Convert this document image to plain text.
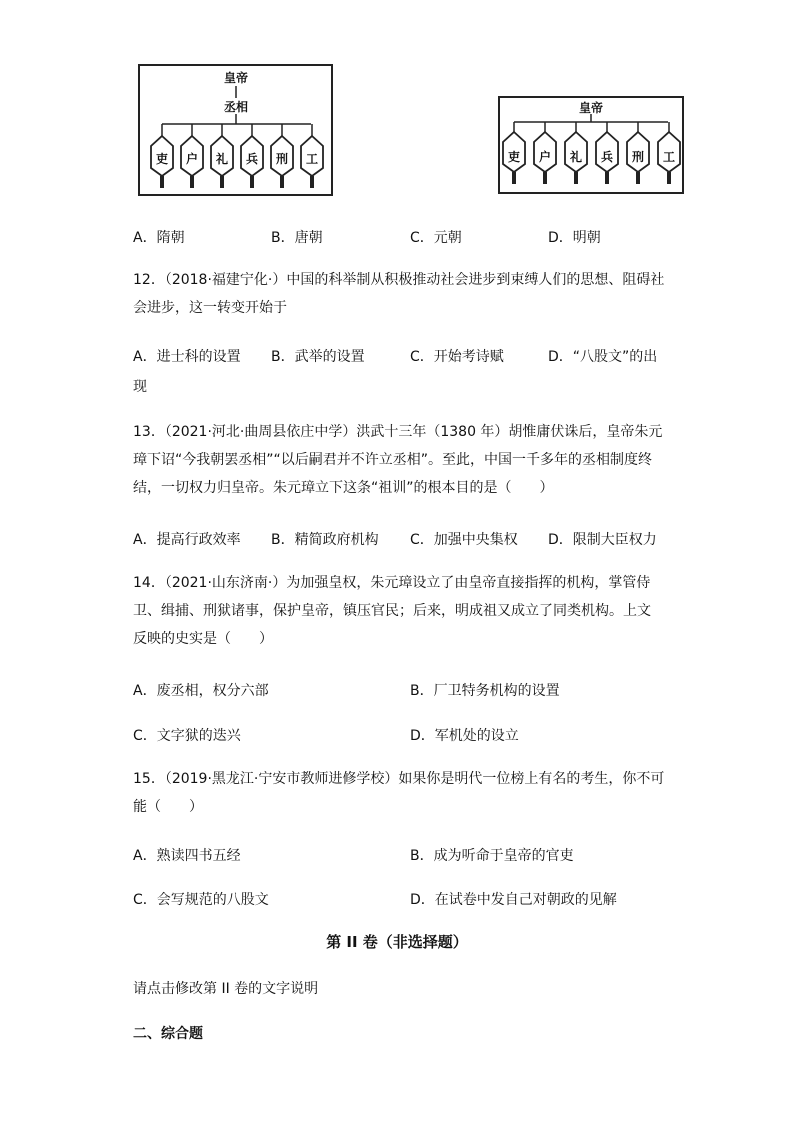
皇帝
丞相
吏 户 礼 兵 刑 工
皇帝
吏 户 礼 兵 刑 工
A．隋朝	B．唐朝	C．元朝	D．明朝
12．（2018·福建宁化·）中国的科举制从积极推动社会进步到束缚人们的思想、阻碍社
会进步，这一转变开始于
A．进士科的设置 B．武举的设置	C．开始考诗赋	D．“八股文”的出
现
13．（2021·河北·曲周县依庄中学）洪武十三年（1380 年）胡惟庸伏诛后，皇帝朱元
璋下诏“今我朝罢丞相”“以后嗣君并不许立丞相”。至此，中国一千多年的丞相制度终
结，一切权力归皇帝。朱元璋立下这条“祖训”的根本目的是（　　）
A．提高行政效率 B．精简政府机构 C．加强中央集权 D．限制大臣权力
14．（2021·山东济南·）为加强皇权，朱元璋设立了由皇帝直接指挥的机构，掌管侍
卫、缉捕、刑狱诸事，保护皇帝，镇压官民；后来，明成祖又成立了同类机构。上文
反映的史实是（　　）
A．废丞相，权分六部	B．厂卫特务机构的设置
C．文字狱的迭兴	D．军机处的设立
15．（2019·黑龙江·宁安市教师进修学校）如果你是明代一位榜上有名的考生，你不可
能（　　）
A．熟读四书五经	B．成为听命于皇帝的官吏
C．会写规范的八股文	D．在试卷中发自己对朝政的见解
第 II 卷（非选择题）
请点击修改第 II 卷的文字说明
二、综合题
